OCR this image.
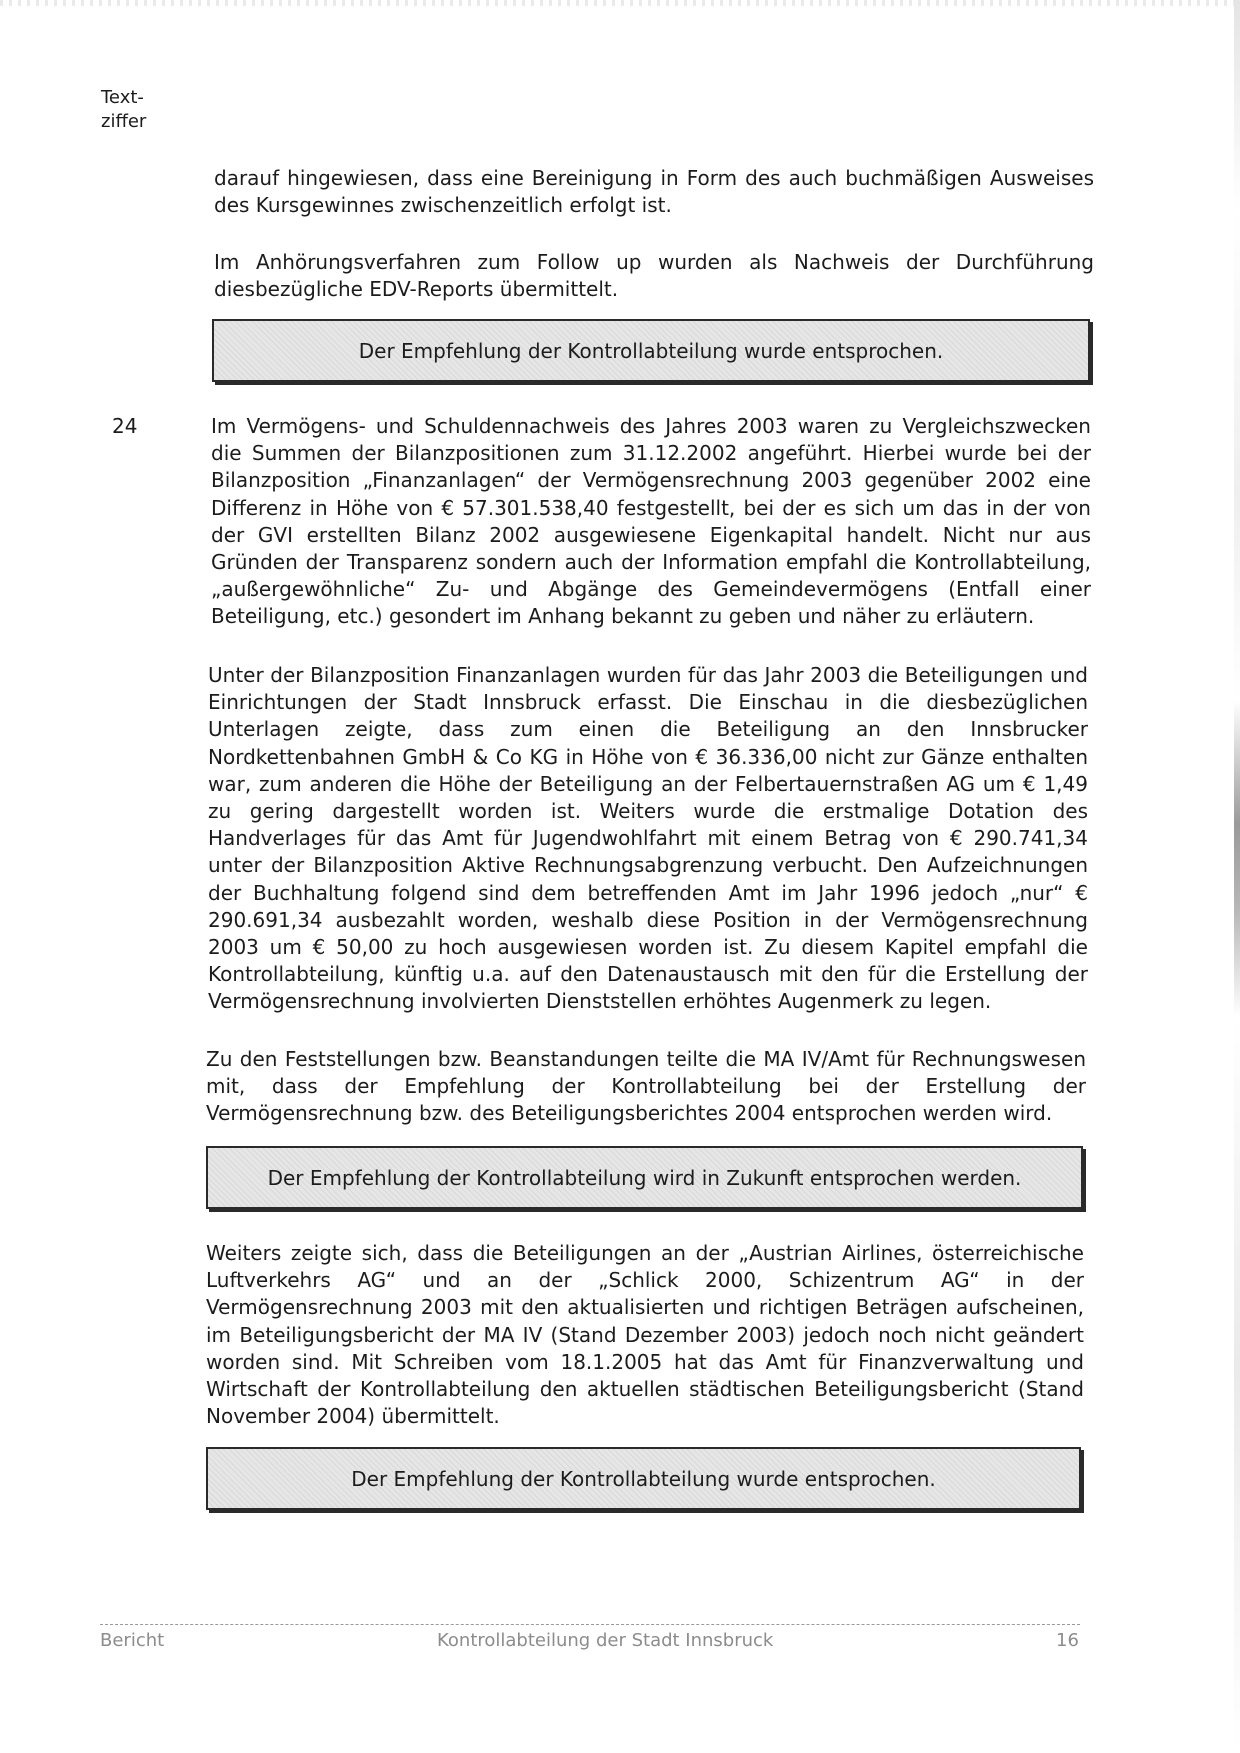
Text-
ziffer

darauf hingewiesen, dass eine Bereinigung in Form des auch buchmäßigen Ausweises des Kursgewinnes zwischenzeitlich erfolgt ist.

Im Anhörungsverfahren zum Follow up wurden als Nachweis der Durchführung diesbezügliche EDV-Reports übermittelt.

Der Empfehlung der Kontrollabteilung wurde entsprochen.
24	Im Vermögens- und Schuldennachweis des Jahres 2003 waren zu Vergleichszwecken die Summen der Bilanzpositionen zum 31.12.2002 angeführt. Hierbei wurde bei der Bilanzposition „Finanzanlagen“ der Vermögensrechnung 2003 gegenüber 2002 eine Differenz in Höhe von € 57.301.538,40 festgestellt, bei der es sich um das in der von der GVI erstellten Bilanz 2002 ausgewiesene Eigenkapital handelt. Nicht nur aus Gründen der Transparenz sondern auch der Information empfahl die Kontrollabteilung, „außergewöhnliche“ Zu- und Abgänge des Gemeindevermögens (Entfall einer Beteiligung, etc.) gesondert im Anhang bekannt zu geben und näher zu erläutern.

Unter der Bilanzposition Finanzanlagen wurden für das Jahr 2003 die Beteiligungen und Einrichtungen der Stadt Innsbruck erfasst. Die Einschau in die diesbezüglichen Unterlagen zeigte, dass zum einen die Beteiligung an den Innsbrucker Nordkettenbahnen GmbH & Co KG in Höhe von € 36.336,00 nicht zur Gänze enthalten war, zum anderen die Höhe der Beteiligung an der Felbertauernstraßen AG um € 1,49 zu gering dargestellt worden ist. Weiters wurde die erstmalige Dotation des Handverlages für das Amt für Jugendwohlfahrt mit einem Betrag von € 290.741,34 unter der Bilanzposition Aktive Rechnungsabgrenzung verbucht. Den Aufzeichnungen der Buchhaltung folgend sind dem betreffenden Amt im Jahr 1996 jedoch „nur“ € 290.691,34 ausbezahlt worden, weshalb diese Position in der Vermögensrechnung 2003 um € 50,00 zu hoch ausgewiesen worden ist. Zu diesem Kapitel empfahl die Kontrollabteilung, künftig u.a. auf den Datenaustausch mit den für die Erstellung der Vermögensrechnung involvierten Dienststellen erhöhtes Augenmerk zu legen.

Zu den Feststellungen bzw. Beanstandungen teilte die MA IV/Amt für Rechnungswesen mit, dass der Empfehlung der Kontrollabteilung bei der Erstellung der Vermögensrechnung bzw. des Beteiligungsberichtes 2004 entsprochen werden wird.

Der Empfehlung der Kontrollabteilung wird in Zukunft entsprochen werden.

Weiters zeigte sich, dass die Beteiligungen an der „Austrian Airlines, österreichische Luftverkehrs AG“ und an der „Schlick 2000, Schizentrum AG“ in der Vermögensrechnung 2003 mit den aktualisierten und richtigen Beträgen aufscheinen, im Beteiligungsbericht der MA IV (Stand Dezember 2003) jedoch noch nicht geändert worden sind. Mit Schreiben vom 18.1.2005 hat das Amt für Finanzverwaltung und Wirtschaft der Kontrollabteilung den aktuellen städtischen Beteiligungsbericht (Stand November 2004) übermittelt.

Der Empfehlung der Kontrollabteilung wurde entsprochen.
Bericht	Kontrollabteilung der Stadt Innsbruck	16
